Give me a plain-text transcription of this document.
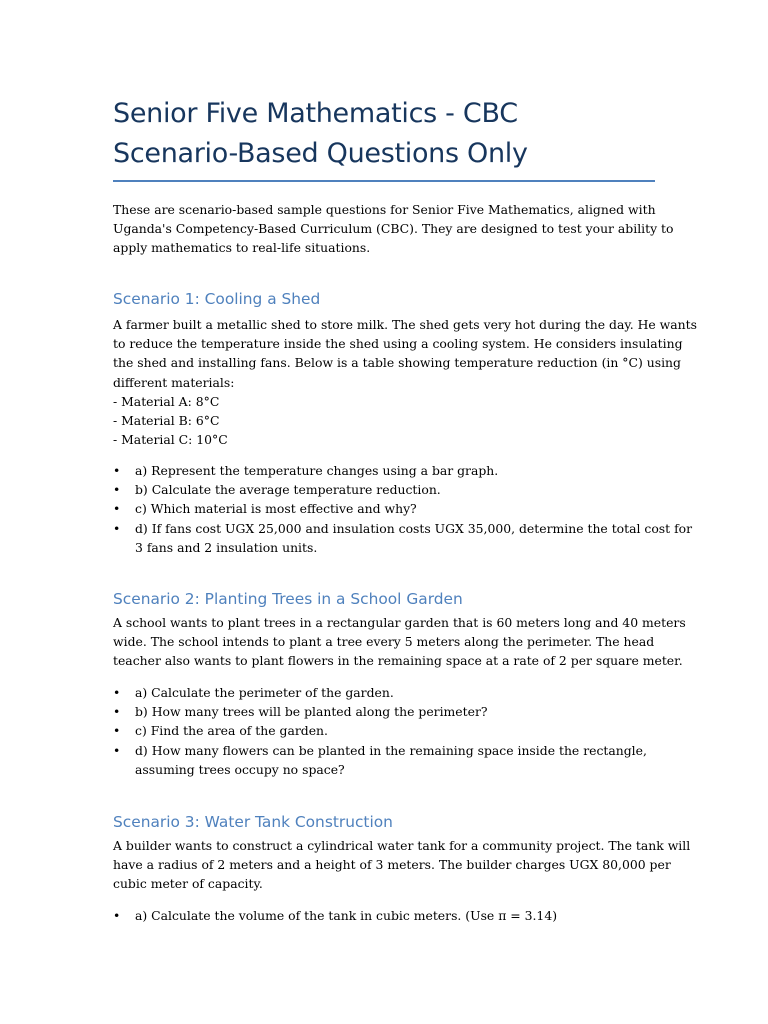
Senior Five Mathematics - CBC
Scenario-Based Questions Only

These are scenario-based sample questions for Senior Five Mathematics, aligned with
Uganda's Competency-Based Curriculum (CBC). They are designed to test your ability to
apply mathematics to real-life situations.

Scenario 1: Cooling a Shed

A farmer built a metallic shed to store milk. The shed gets very hot during the day. He wants
to reduce the temperature inside the shed using a cooling system. He considers insulating
the shed and installing fans. Below is a table showing temperature reduction (in °C) using
different materials:
- Material A: 8°C
- Material B: 6°C
- Material C: 10°C

• a) Represent the temperature changes using a bar graph.
• b) Calculate the average temperature reduction.
• c) Which material is most effective and why?
• d) If fans cost UGX 25,000 and insulation costs UGX 35,000, determine the total cost for
3 fans and 2 insulation units.
Scenario 2: Planting Trees in a School Garden

A school wants to plant trees in a rectangular garden that is 60 meters long and 40 meters
wide. The school intends to plant a tree every 5 meters along the perimeter. The head
teacher also wants to plant flowers in the remaining space at a rate of 2 per square meter.

• a) Calculate the perimeter of the garden.
• b) How many trees will be planted along the perimeter?
• c) Find the area of the garden.
• d) How many flowers can be planted in the remaining space inside the rectangle,
assuming trees occupy no space?
Scenario 3: Water Tank Construction

A builder wants to construct a cylindrical water tank for a community project. The tank will
have a radius of 2 meters and a height of 3 meters. The builder charges UGX 80,000 per
cubic meter of capacity.

• a) Calculate the volume of the tank in cubic meters. (Use π = 3.14)
